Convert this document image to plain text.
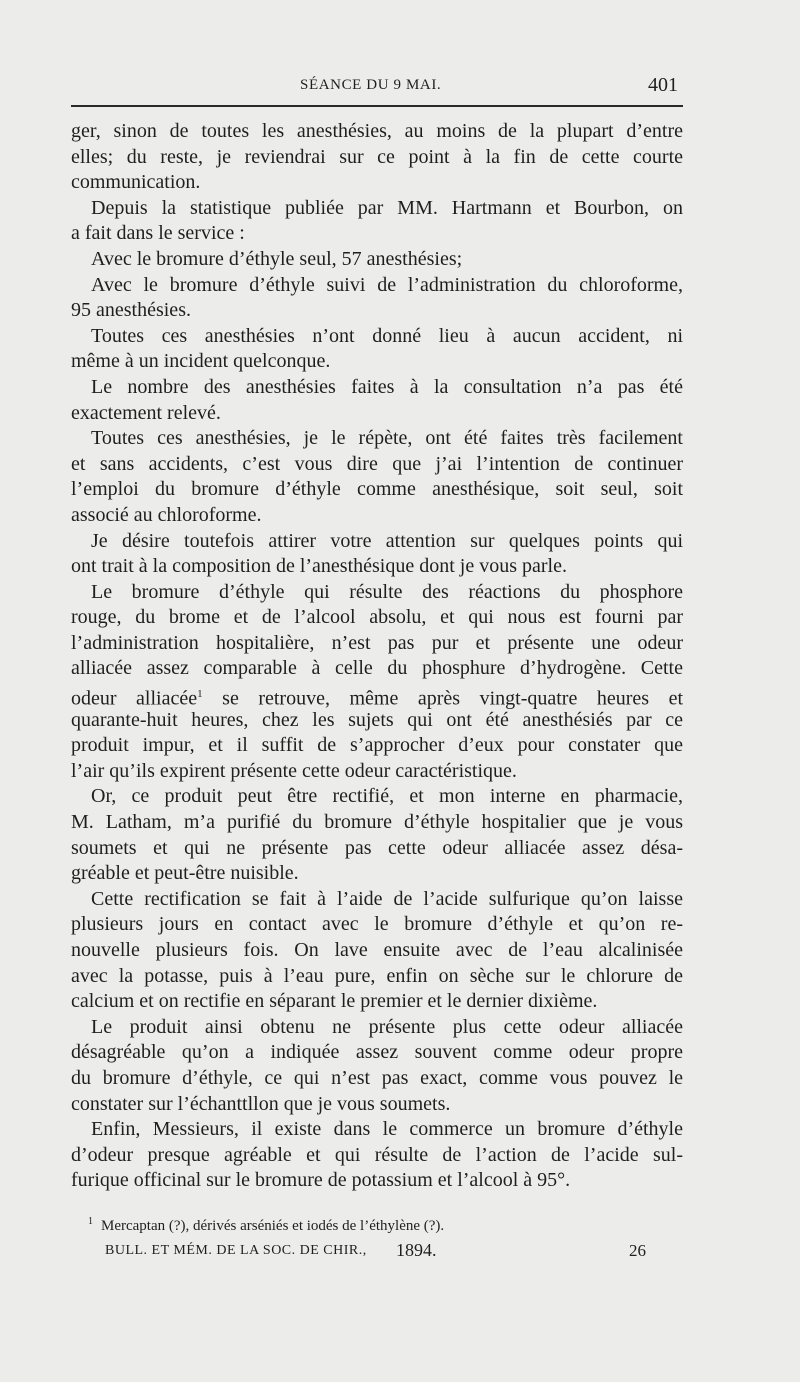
SÉANCE DU 9 MAI.	401
ger, sinon de toutes les anesthésies, au moins de la plupart d’entre
elles; du reste, je reviendrai sur ce point à la fin de cette courte
communication.
Depuis la statistique publiée par MM. Hartmann et Bourbon, on
a fait dans le service :
Avec le bromure d’éthyle seul, 57 anesthésies;
Avec le bromure d’éthyle suivi de l’administration du chloroforme,
95 anesthésies.
Toutes ces anesthésies n’ont donné lieu à aucun accident, ni
même à un incident quelconque.
Le nombre des anesthésies faites à la consultation n’a pas été
exactement relevé.
Toutes ces anesthésies, je le répète, ont été faites très facilement
et sans accidents, c’est vous dire que j’ai l’intention de continuer
l’emploi du bromure d’éthyle comme anesthésique, soit seul, soit
associé au chloroforme.
Je désire toutefois attirer votre attention sur quelques points qui
ont trait à la composition de l’anesthésique dont je vous parle.
Le bromure d’éthyle qui résulte des réactions du phosphore
rouge, du brome et de l’alcool absolu, et qui nous est fourni par
l’administration hospitalière, n’est pas pur et présente une odeur
alliacée assez comparable à celle du phosphure d’hydrogène. Cette
odeur alliacée$^1$ se retrouve, même après vingt-quatre heures et
quarante-huit heures, chez les sujets qui ont été anesthésiés par ce
produit impur, et il suffit de s’approcher d’eux pour constater que
l’air qu’ils expirent présente cette odeur caractéristique.
Or, ce produit peut être rectifié, et mon interne en pharmacie,
M. Latham, m’a purifié du bromure d’éthyle hospitalier que je vous
soumets et qui ne présente pas cette odeur alliacée assez désa-
gréable et peut-être nuisible.
Cette rectification se fait à l’aide de l’acide sulfurique qu’on laisse
plusieurs jours en contact avec le bromure d’éthyle et qu’on re-
nouvelle plusieurs fois. On lave ensuite avec de l’eau alcalinisée
avec la potasse, puis à l’eau pure, enfin on sèche sur le chlorure de
calcium et on rectifie en séparant le premier et le dernier dixième.
Le produit ainsi obtenu ne présente plus cette odeur alliacée
désagréable qu’on a indiquée assez souvent comme odeur propre
du bromure d’éthyle, ce qui n’est pas exact, comme vous pouvez le
constater sur l’échanttllon que je vous soumets.
Enfin, Messieurs, il existe dans le commerce un bromure d’éthyle
d’odeur presque agréable et qui résulte de l’action de l’acide sul-
furique officinal sur le bromure de potassium et l’alcool à 95°.
$^1$ Mercaptan (?), dérivés arséniés et iodés de l’éthylène (?).
BULL. ET MÉM. DE LA SOC. DE CHIR., 1894.	26
